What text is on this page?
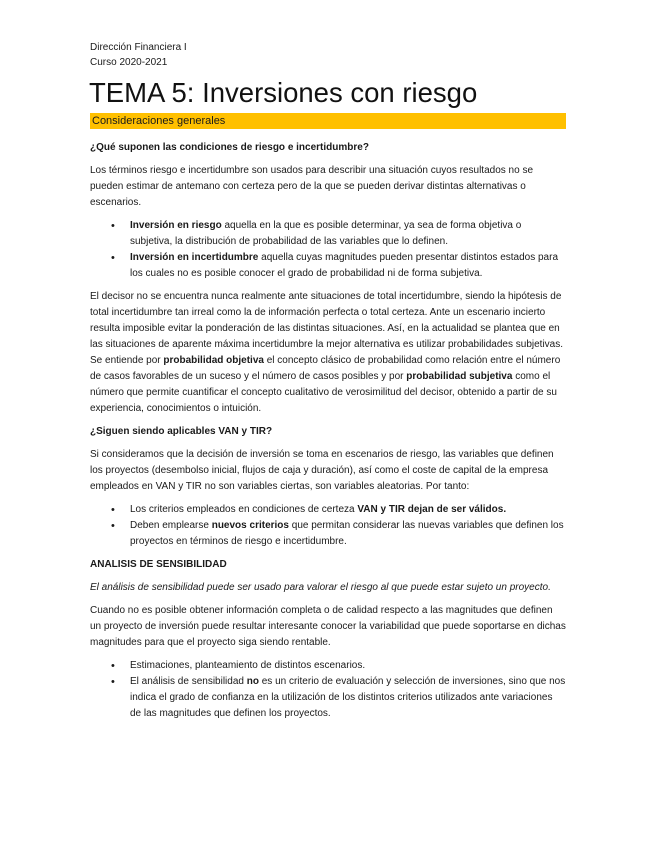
Dirección Financiera I
Curso 2020-2021
TEMA 5: Inversiones con riesgo
Consideraciones generales

¿Qué suponen las condiciones de riesgo e incertidumbre?

Los términos riesgo e incertidumbre son usados para describir una situación cuyos resultados no se pueden estimar de antemano con certeza pero de la que se pueden derivar distintas alternativas o escenarios.

• Inversión en riesgo aquella en la que es posible determinar, ya sea de forma objetiva o subjetiva, la distribución de probabilidad de las variables que lo definen.
• Inversión en incertidumbre aquella cuyas magnitudes pueden presentar distintos estados para los cuales no es posible conocer el grado de probabilidad ni de forma subjetiva.

El decisor no se encuentra nunca realmente ante situaciones de total incertidumbre, siendo la hipótesis de total incertidumbre tan irreal como la de información perfecta o total certeza. Ante un escenario incierto resulta imposible evitar la ponderación de las distintas situaciones. Así, en la actualidad se plantea que en las situaciones de aparente máxima incertidumbre la mejor alternativa es utilizar probabilidades subjetivas. Se entiende por probabilidad objetiva el concepto clásico de probabilidad como relación entre el número de casos favorables de un suceso y el número de casos posibles y por probabilidad subjetiva como el número que permite cuantificar el concepto cualitativo de verosimilitud del decisor, obtenido a partir de su experiencia, conocimientos o intuición.

¿Siguen siendo aplicables VAN y TIR?

Si consideramos que la decisión de inversión se toma en escenarios de riesgo, las variables que definen los proyectos (desembolso inicial, flujos de caja y duración), así como el coste de capital de la empresa empleados en VAN y TIR no son variables ciertas, son variables aleatorias. Por tanto:

• Los criterios empleados en condiciones de certeza VAN y TIR dejan de ser válidos.
• Deben emplearse nuevos criterios que permitan considerar las nuevas variables que definen los proyectos en términos de riesgo e incertidumbre.

ANALISIS DE SENSIBILIDAD

El análisis de sensibilidad puede ser usado para valorar el riesgo al que puede estar sujeto un proyecto.

Cuando no es posible obtener información completa o de calidad respecto a las magnitudes que definen un proyecto de inversión puede resultar interesante conocer la variabilidad que puede soportarse en dichas magnitudes para que el proyecto siga siendo rentable.

• Estimaciones, planteamiento de distintos escenarios.
• El análisis de sensibilidad no es un criterio de evaluación y selección de inversiones, sino que nos indica el grado de confianza en la utilización de los distintos criterios utilizados ante variaciones de las magnitudes que definen los proyectos.
